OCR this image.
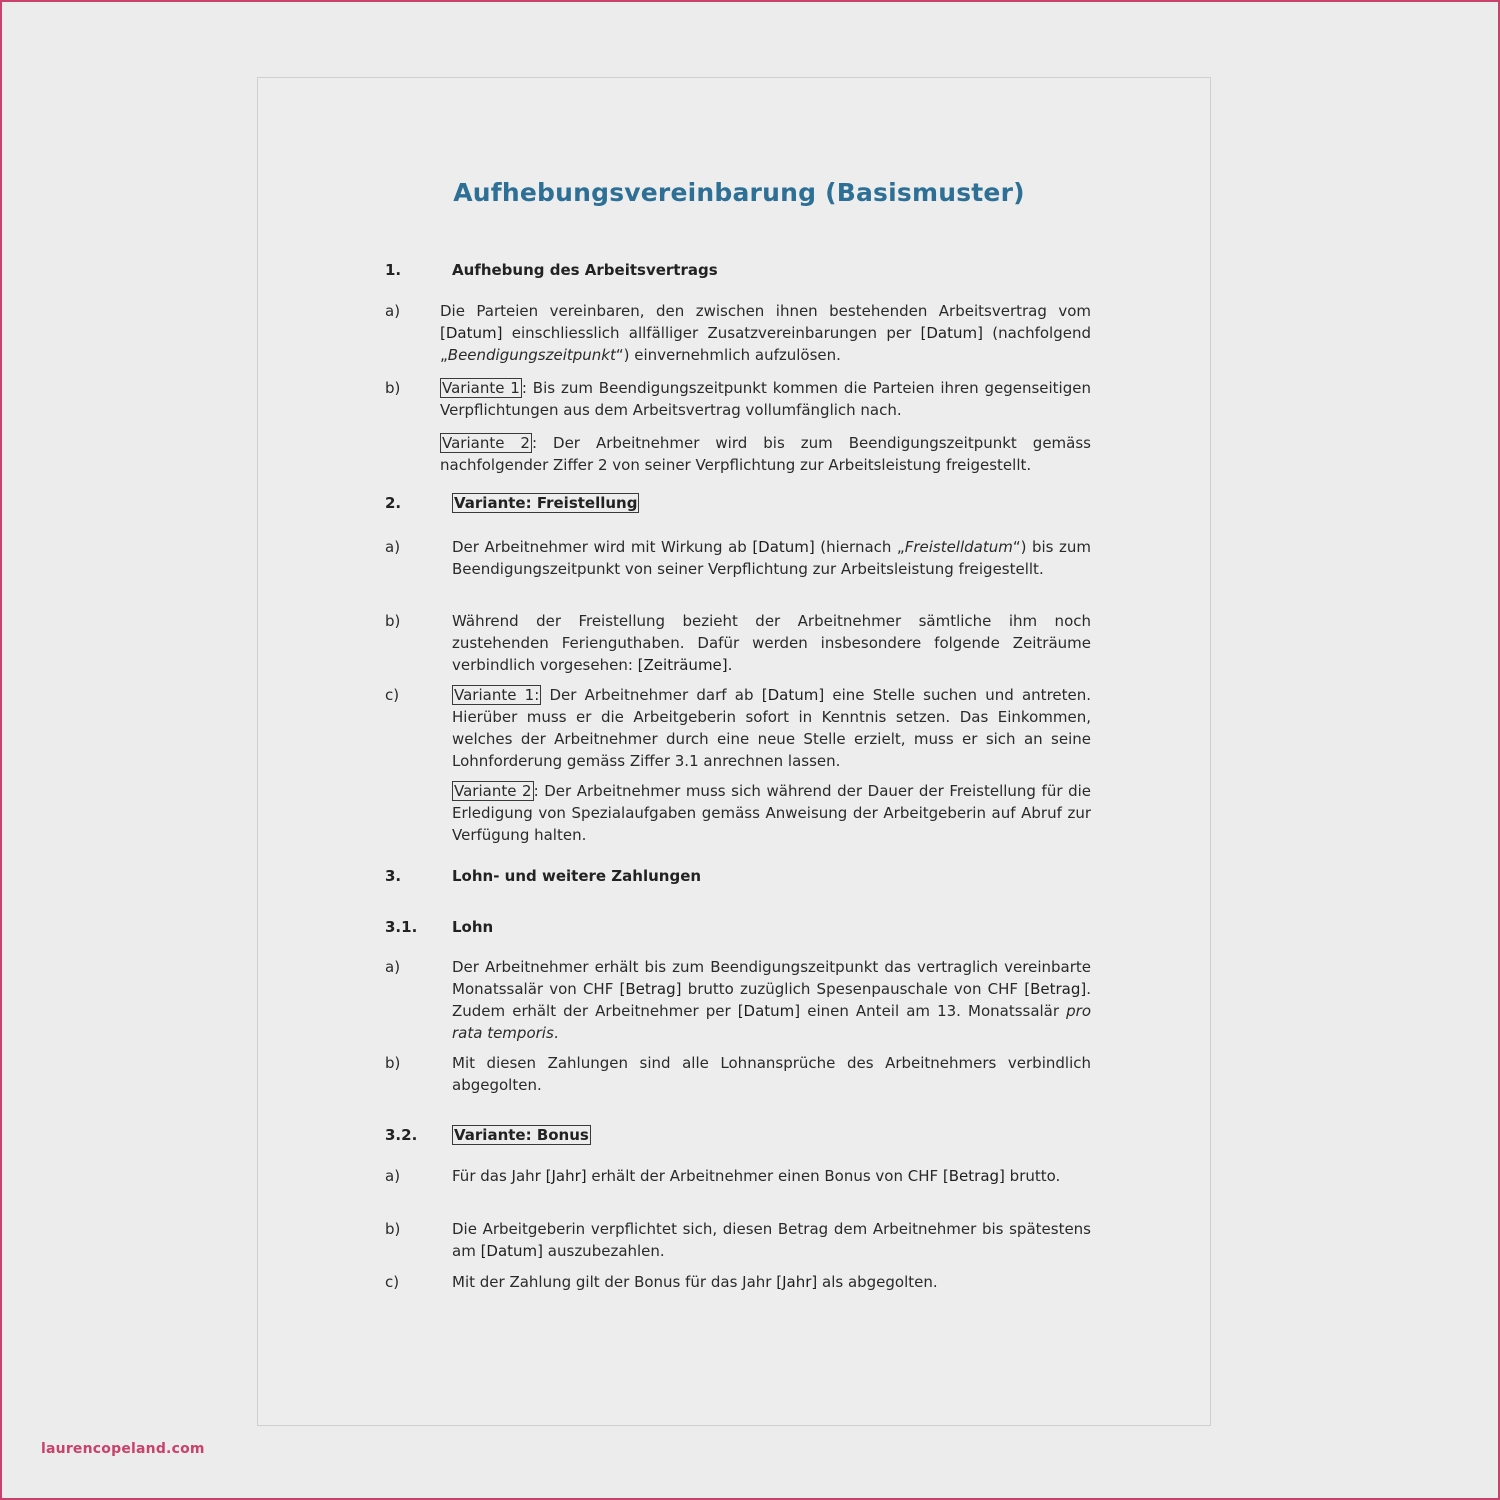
Aufhebungsvereinbarung (Basismuster)
1.	Aufhebung des Arbeitsvertrags
a)	Die Parteien vereinbaren, den zwischen ihnen bestehenden Arbeitsvertrag vom [Datum] einschliesslich allfälliger Zusatzvereinbarungen per [Datum] (nachfolgend „Beendigungszeitpunkt“) einvernehmlich aufzulösen.
b)	Variante 1 : Bis zum Beendigungszeitpunkt kommen die Parteien ihren gegenseitigen Verpflichtungen aus dem Arbeitsvertrag vollumfänglich nach.
Variante 2 : Der Arbeitnehmer wird bis zum Beendigungszeitpunkt gemäss nachfolgender Ziffer 2 von seiner Verpflichtung zur Arbeitsleistung freigestellt.
2.	Variante: Freistellung
a)	Der Arbeitnehmer wird mit Wirkung ab [Datum] (hiernach „Freistelldatum“) bis zum Beendigungszeitpunkt von seiner Verpflichtung zur Arbeitsleistung freigestellt.
b)	Während der Freistellung bezieht der Arbeitnehmer sämtliche ihm noch zustehenden Ferienguthaben. Dafür werden insbesondere folgende Zeiträume verbindlich vorgesehen: [Zeiträume].
c)	Variante 1: Der Arbeitnehmer darf ab [Datum] eine Stelle suchen und antreten. Hierüber muss er die Arbeitgeberin sofort in Kenntnis setzen. Das Einkommen, welches der Arbeitnehmer durch eine neue Stelle erzielt, muss er sich an seine Lohnforderung gemäss Ziffer 3.1 anrechnen lassen.
Variante 2 : Der Arbeitnehmer muss sich während der Dauer der Freistellung für die Erledigung von Spezialaufgaben gemäss Anweisung der Arbeitgeberin auf Abruf zur Verfügung halten.
3.	Lohn- und weitere Zahlungen
3.1. Lohn
a)	Der Arbeitnehmer erhält bis zum Beendigungszeitpunkt das vertraglich vereinbarte Monatssalär von CHF [Betrag] brutto zuzüglich Spesenpauschale von CHF [Betrag]. Zudem erhält der Arbeitnehmer per [Datum] einen Anteil am 13. Monatssalär pro rata temporis.
b)	Mit diesen Zahlungen sind alle Lohnansprüche des Arbeitnehmers verbindlich abgegolten.
3.2. Variante: Bonus
a)	Für das Jahr [Jahr] erhält der Arbeitnehmer einen Bonus von CHF [Betrag] brutto.
b)	Die Arbeitgeberin verpflichtet sich, diesen Betrag dem Arbeitnehmer bis spätestens am [Datum] auszubezahlen.
c)	Mit der Zahlung gilt der Bonus für das Jahr [Jahr] als abgegolten.
laurencopeland.com
